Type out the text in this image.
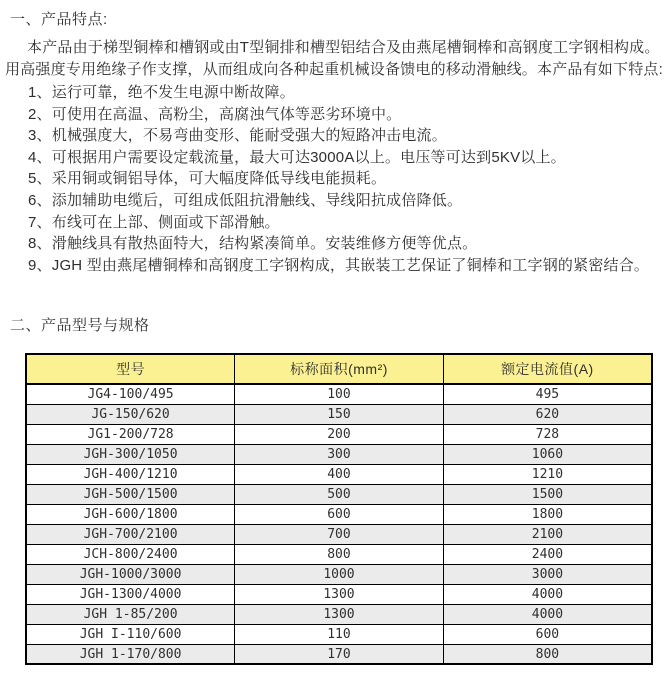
一、产品特点:
本产品由于梯型铜棒和槽钢或由T型铜排和槽型铝结合及由燕尾槽铜棒和高钢度工字钢相构成。用高强度专用绝缘子作支撑，从而组成向各种起重机械设备馈电的移动滑触线。本产品有如下特点:
1、运行可靠，绝不发生电源中断故障。
2、可使用在高温、高粉尘，高腐浊气体等恶劣环境中。
3、机械强度大，不易弯曲变形、能耐受强大的短路冲击电流。
4、可根据用户需要设定载流量，最大可达3000A以上。电压等可达到5KV以上。
5、采用铜或铜铝导体，可大幅度降低导线电能损耗。
6、添加辅助电缆后，可组成低阻抗滑触线、导线阳抗成倍降低。
7、布线可在上部、侧面或下部滑触。
8、滑触线具有散热面特大，结构紧凑简单。安装维修方便等优点。
9、JGH 型由燕尾槽铜棒和高钢度工字钢构成，其嵌装工艺保证了铜棒和工字钢的紧密结合。
二、产品型号与规格
型号	标称面积(mm²)	额定电流值(A)
JG4-100/495	100	495
JG-150/620	150	620
JG1-200/728	200	728
JGH-300/1050	300	1060
JGH-400/1210	400	1210
JGH-500/1500	500	1500
JGH-600/1800	600	1800
JGH-700/2100	700	2100
JCH-800/2400	800	2400
JGH-1000/3000	1000	3000
JGH-1300/4000	1300	4000
JGH 1-85/200	1300	4000
JGH I-110/600	110	600
JGH 1-170/800	170	800
